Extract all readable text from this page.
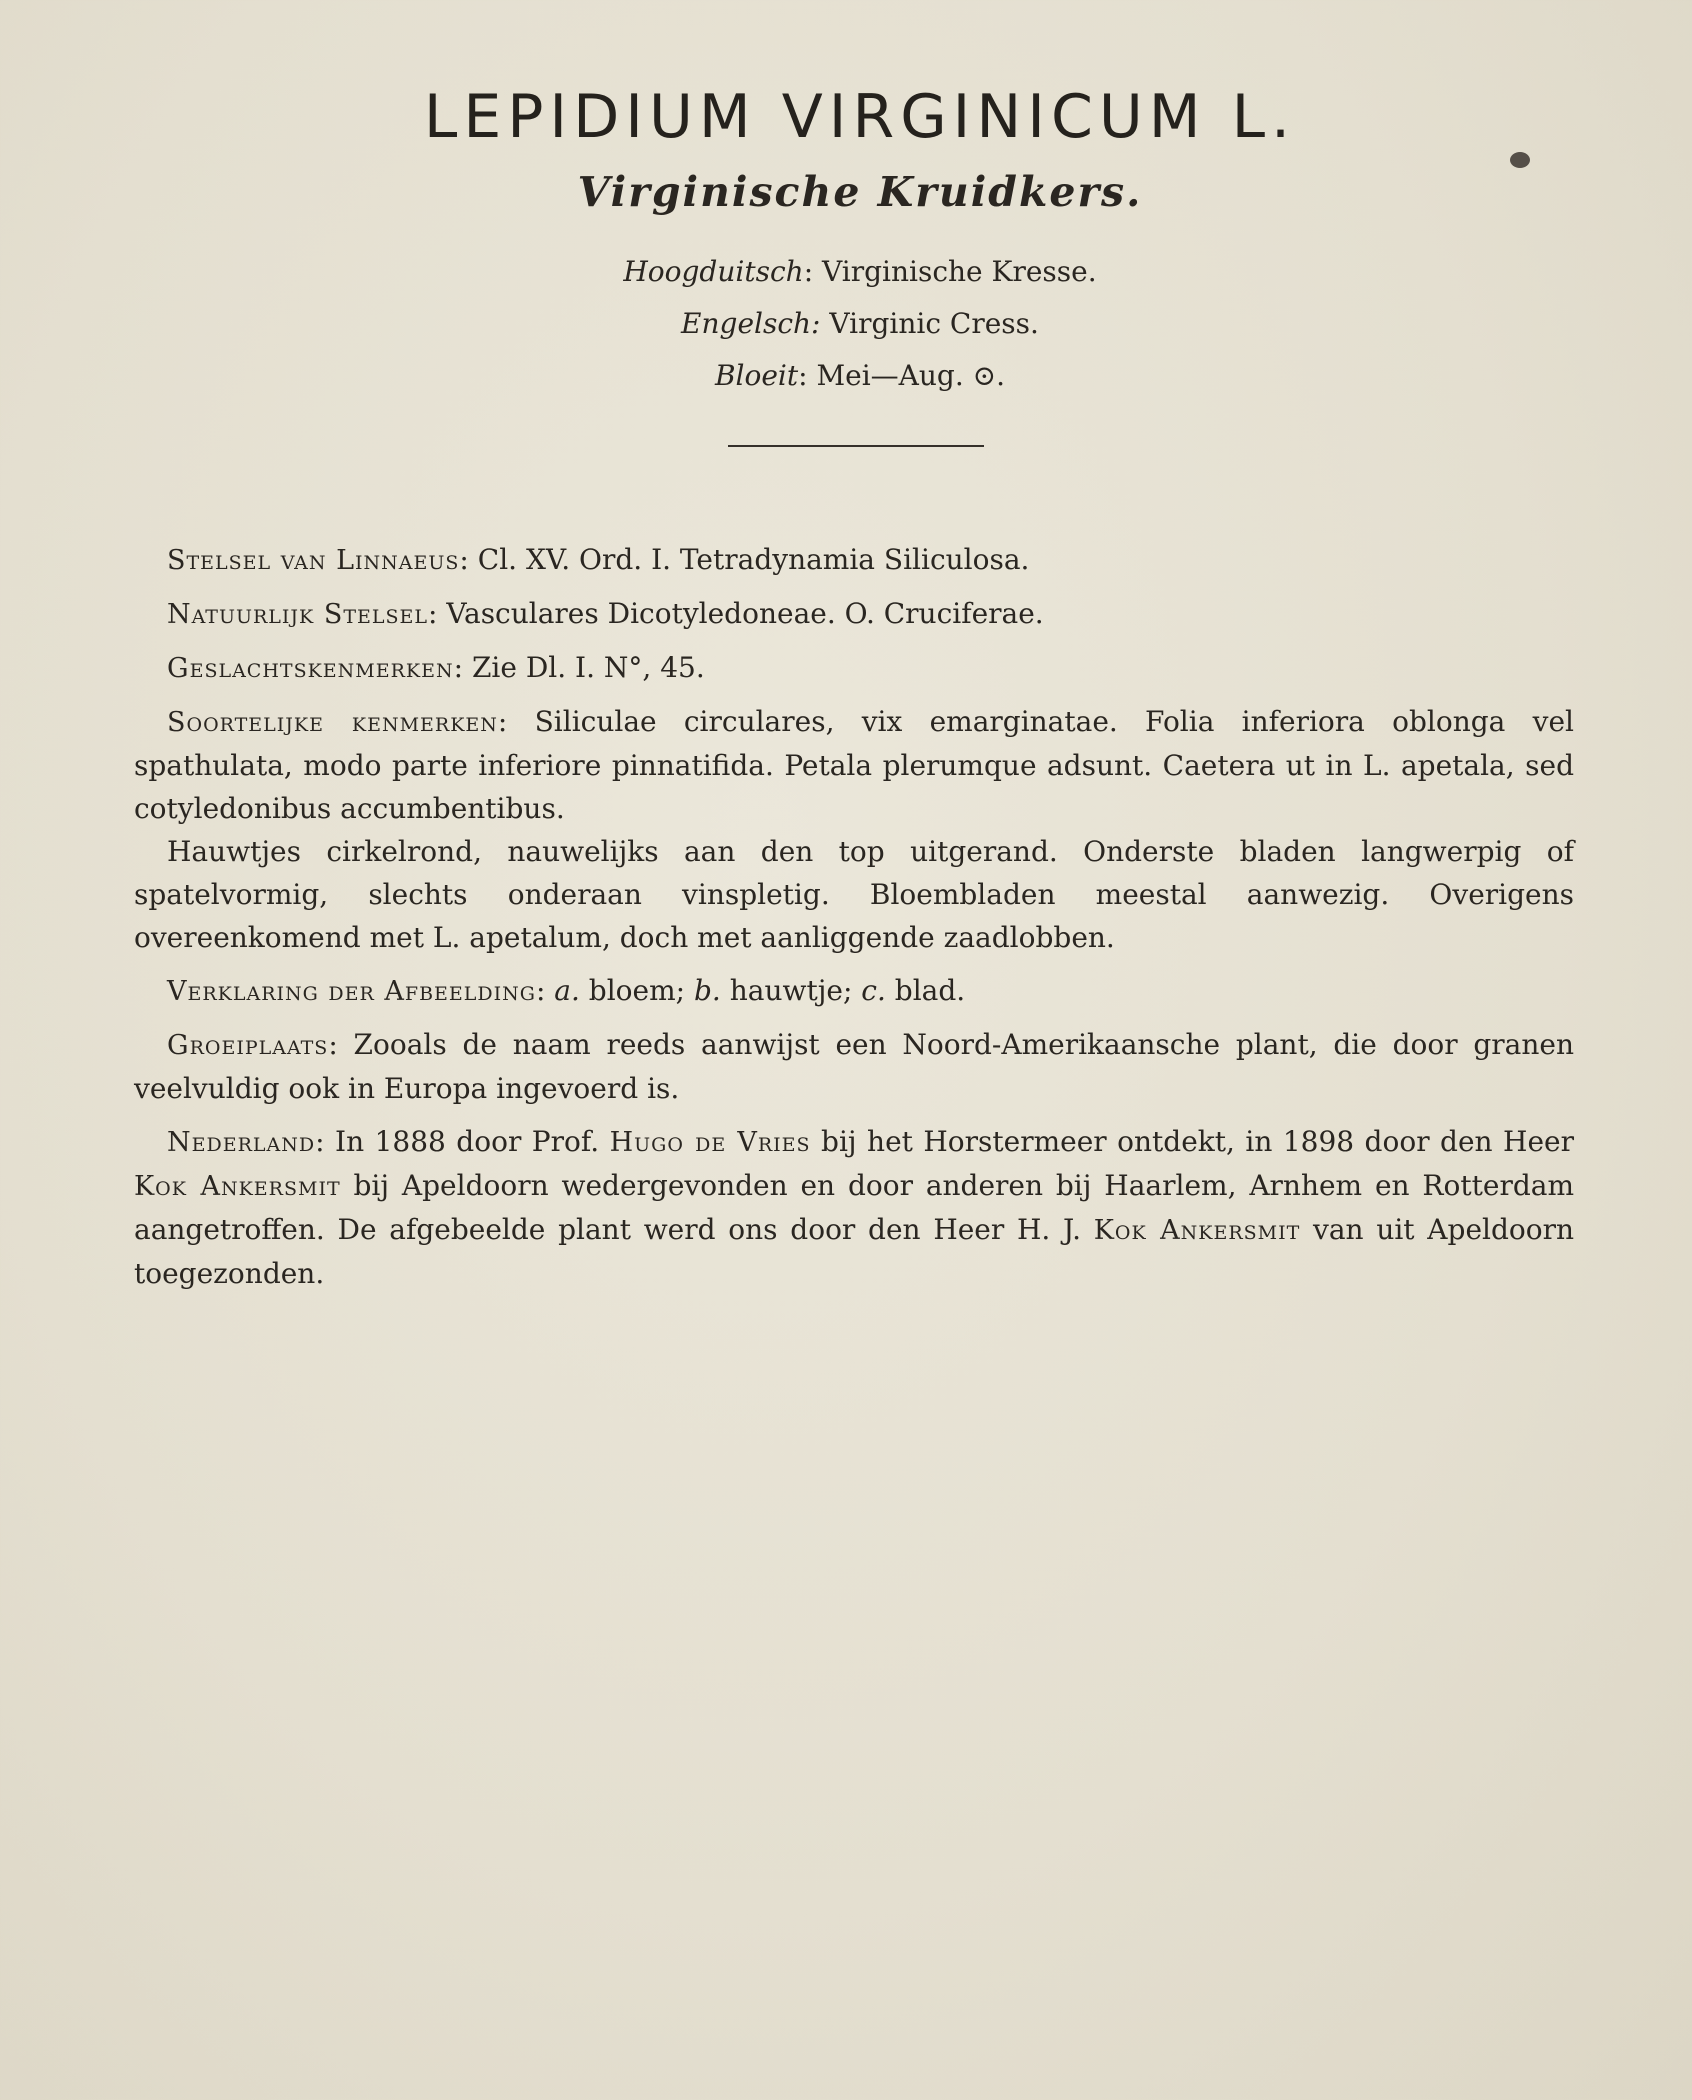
LEPIDIUM VIRGINICUM L.
Virginische Kruidkers.
Hoogduitsch: Virginische Kresse.
Engelsch: Virginic Cress.
Bloeit: Mei—Aug. ⊙.

Stelsel van Linnaeus: Cl. XV. Ord. I. Tetradynamia Siliculosa.

Natuurlijk Stelsel: Vasculares Dicotyledoneae. O. Cruciferae.

Geslachtskenmerken: Zie Dl. I. N°, 45.

Soortelijke kenmerken: Siliculae circulares, vix emarginatae. Folia inferiora oblonga vel spathulata, modo parte inferiore pinnatifida. Petala plerumque adsunt. Caetera ut in L. apetala, sed cotyledonibus accumbentibus.

Hauwtjes cirkelrond, nauwelijks aan den top uitgerand. Onderste bladen langwerpig of spatelvormig, slechts onderaan vinspletig. Bloembladen meestal aanwezig. Overigens overeenkomend met L. apetalum, doch met aanliggende zaadlobben.

Verklaring der Afbeelding: a. bloem; b. hauwtje; c. blad.

Groeiplaats: Zooals de naam reeds aanwijst een Noord-Amerikaansche plant, die door granen veelvuldig ook in Europa ingevoerd is.

Nederland: In 1888 door Prof. Hugo de Vries bij het Horstermeer ontdekt, in 1898 door den Heer Kok Ankersmit bij Apeldoorn wedergevonden en door anderen bij Haarlem, Arnhem en Rotterdam aangetroffen. De afgebeelde plant werd ons door den Heer H. J. Kok Ankersmit van uit Apeldoorn toegezonden.
